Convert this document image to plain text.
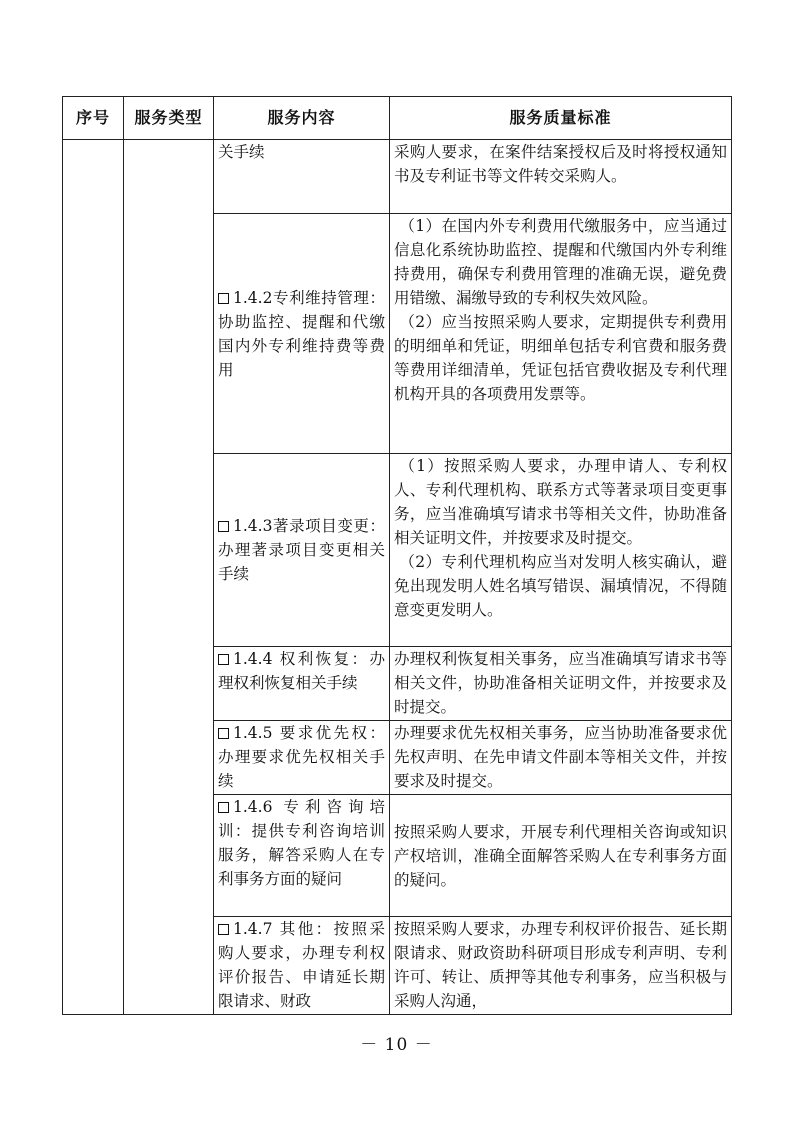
序号	服务类型	服务内容	服务质量标准
		关手续	采购人要求，在案件结案授权后及时将授权通知书及专利证书等文件转交采购人。

		1.4.2专利维持管理：协助监控、提醒和代缴国内外专利维持费等费用	（1）在国内外专利费用代缴服务中，应当通过信息化系统协助监控、提醒和代缴国内外专利维持费用，确保专利费用管理的准确无误，避免费用错缴、漏缴导致的专利权失效风险。
（2）应当按照采购人要求，定期提供专利费用的明细单和凭证，明细单包括专利官费和服务费等费用详细清单，凭证包括官费收据及专利代理机构开具的各项费用发票等。

		1.4.3著录项目变更：办理著录项目变更相关手续	（1）按照采购人要求，办理申请人、专利权人、专利代理机构、联系方式等著录项目变更事务，应当准确填写请求书等相关文件，协助准备相关证明文件，并按要求及时提交。
（2）专利代理机构应当对发明人核实确认，避免出现发明人姓名填写错误、漏填情况，不得随意变更发明人。

		1.4.4 权利恢复：办理权利恢复相关手续	办理权利恢复相关事务，应当准确填写请求书等相关文件，协助准备相关证明文件，并按要求及时提交。

		1.4.5 要求优先权：办理要求优先权相关手续	办理要求优先权相关事务，应当协助准备要求优先权声明、在先申请文件副本等相关文件，并按要求及时提交。

		1.4.6 专利咨询培训：提供专利咨询培训服务，解答采购人在专利事务方面的疑问	按照采购人要求，开展专利代理相关咨询或知识产权培训，准确全面解答采购人在专利事务方面的疑问。

		1.4.7 其他：按照采购人要求，办理专利权评价报告、申请延长期限请求、财政	按照采购人要求，办理专利权评价报告、延长期限请求、财政资助科研项目形成专利声明、专利许可、转让、质押等其他专利事务，应当积极与采购人沟通，
－ 10 －
